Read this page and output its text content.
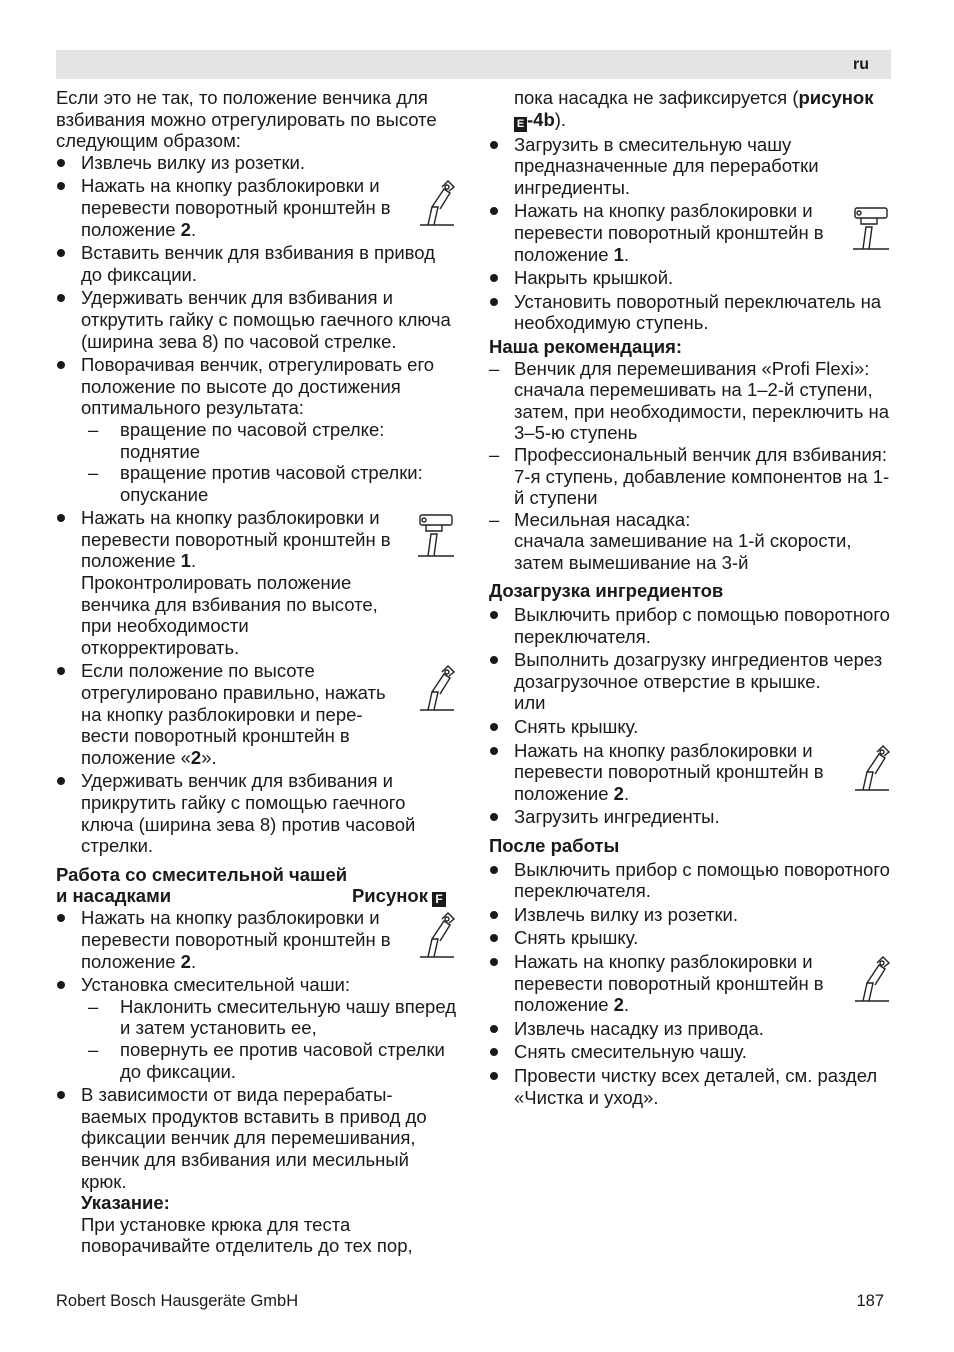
ru

Если это не так, то положение венчика для взбивания можно отрегулировать по высоте следующим образом:

Извлечь вилку из розетки.

Нажать на кнопку разблокировки и перевести поворотный кронштейн в положение 2.

Вставить венчик для взбивания в привод до фиксации.

Удерживать венчик для взбивания и открутить гайку с помощью гаечного ключа (ширина зева 8) по часовой стрелке.

Поворачивая венчик, отрегулировать его положение по высоте до достижения оптимального результата:

– вращение по часовой стрелке: поднятие

– вращение против часовой стрелки: опускание

Нажать на кнопку разблокировки и перевести поворотный кронштейн в положение 1.

Проконтролировать положение венчика для взбивания по высоте, при необходимости откорректировать.

Если положение по высоте отрегулировано правильно, нажать на кнопку разблокировки и пере-вести поворотный кронштейн в положение «2».

Удерживать венчик для взбивания и прикрутить гайку с помощью гаечного ключа (ширина зева 8) против часовой стрелки.

Работа со смесительной чашей

и насадками	Рисунок F

Нажать на кнопку разблокировки и перевести поворотный кронштейн в положение 2.

Установка смесительной чаши:

– Наклонить смесительную чашу вперед и затем установить ее,

– повернуть ее против часовой стрелки до фиксации.

В зависимости от вида перерабаты-ваемых продуктов вставить в привод до фиксации венчик для перемешивания, венчик для взбивания или месильный крюк.

Указание:

При установке крюка для теста поворачивайте отделитель до тех пор,

пока насадка не зафиксируется (рисунок E -4b).

Загрузить в смесительную чашу предназначенные для переработки ингредиенты.

Нажать на кнопку разблокировки и перевести поворотный кронштейн в положение 1.

Накрыть крышкой.

Установить поворотный переключатель на необходимую ступень.

Наша рекомендация:

– Венчик для перемешивания «Profi Flexi»:

сначала перемешивать на 1–2-й ступени, затем, при необходимости, переключить на 3–5-ю ступень

– Профессиональный венчик для взбивания:

7-я ступень, добавление компонентов на 1-й ступени

– Месильная насадка:

сначала замешивание на 1-й скорости, затем вымешивание на 3-й

Дозагрузка ингредиентов

Выключить прибор с помощью поворотного переключателя.

Выполнить дозагрузку ингредиентов через дозагрузочное отверстие в крышке.

или

Снять крышку.

Нажать на кнопку разблокировки и перевести поворотный кронштейн в положение 2.

Загрузить ингредиенты.

После работы

Выключить прибор с помощью поворотного переключателя.

Извлечь вилку из розетки.

Снять крышку.

Нажать на кнопку разблокировки и перевести поворотный кронштейн в положение 2.

Извлечь насадку из привода.

Снять смесительную чашу.

Провести чистку всех деталей, см. раздел «Чистка и уход».

Robert Bosch Hausgeräte GmbH	187
